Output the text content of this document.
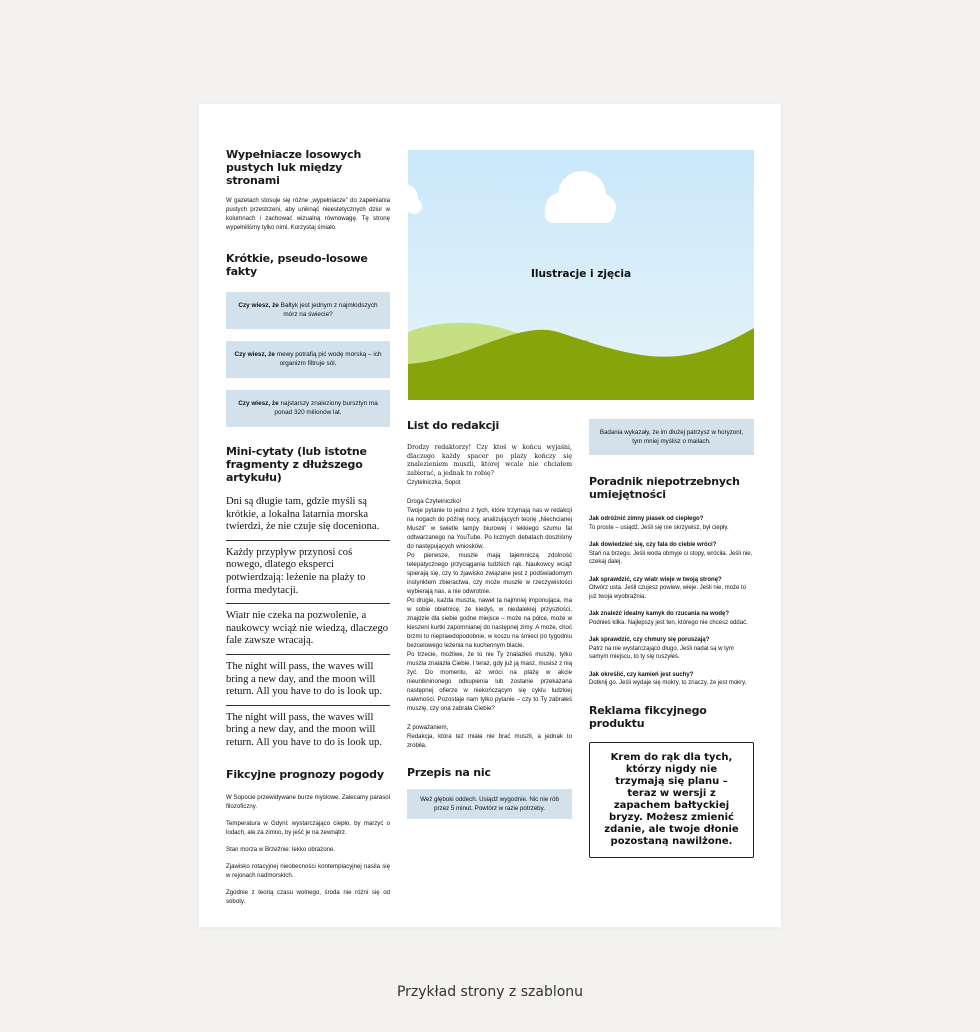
Wypełniacze losowych pustych luk między stronami

W gazetach stosuje się różne „wypełniacze” do zapełniania pustych przestrzeni, aby uniknąć nieestetycznych dziur w kolumnach i zachować wizualną równowagę. Tę stronę wypełniliśmy tylko nimi. Korzystaj śmiało.

Krótkie, pseudo-losowe fakty
Czy wiesz, że Bałtyk jest jednym z najmłodszych mórz na świecie?
Czy wiesz, że mewy potrafią pić wodę morską – ich organizm filtruje sól.
Czy wiesz, że najstarszy znaleziony bursztyn ma ponad 320 milionów lat.
Mini-cytaty (lub istotne fragmenty z dłuższego artykułu)

Dni są długie tam, gdzie myśli są krótkie, a lokalna latarnia morska twierdzi, że nie czuje się doceniona.

Każdy przypływ przynosi coś nowego, dlatego eksperci potwierdzają: leżenie na plaży to forma medytacji.

Wiatr nie czeka na pozwolenie, a naukowcy wciąż nie wiedzą, dlaczego fale zawsze wracają.

The night will pass, the waves will bring a new day, and the moon will return. All you have to do is look up.

The night will pass, the waves will bring a new day, and the moon will return. All you have to do is look up.

Fikcyjne prognozy pogody

W Sopocie przewidywane burze myślowe. Zalecamy parasol filozoficzny.

Temperatura w Gdyni: wystarczająco ciepło, by marzyć o lodach, ale za zimno, by jeść je na zewnątrz.

Stan morza w Brzeźnie: lekko obrażone.

Zjawisko rotacyjnej nieobecności kontemplacyjnej nasila się w rejonach nadmorskich.

Zgodnie z teorią czasu wolnego, środa nie różni się od soboty.

Ilustracje i zjęcia
List do redakcji

Drodzy redaktorzy! Czy ktoś w końcu wyjaśni, dlaczego każdy spacer po plaży kończy się znalezieniem muszli, której wcale nie chciałem zabierać, a jednak to robię?

Czytelniczka, Sopot

Droga Czytelniczko!

Twoje pytanie to jedno z tych, które trzymają nas w redakcji na nogach do późnej nocy, analizujących teorię „Niechcianej Muszli” w świetle lampy biurowej i lekkiego szumu fal odtwarzanego na YouTube. Po licznych debatach doszliśmy do następujących wniosków.

Po pierwsze, muszle mają tajemniczą zdolność telepatycznego przyciągania ludzkich rąk. Naukowcy wciąż spierają się, czy to zjawisko związane jest z podświadomym instynktem zbieractwa, czy może muszle w rzeczywistości wybierają nas, a nie odwrotnie.

Po drugie, każda muszla, nawet ta najmniej imponująca, ma w sobie obietnicę, że kiedyś, w niedalekiej przyszłości, znajdzie dla siebie godne miejsce – może na półce, może w kieszeni kurtki zapomnianej do następnej zimy. A może, choć brzmi to nieprawdopodobnie, w koszu na śmieci po tygodniu bezcelowego leżenia na kuchennym blacie.

Po trzecie, możliwe, że to nie Ty znalazłeś muszlę, tylko muszla znalazła Ciebie. I teraz, gdy już ją masz, musisz z nią żyć. Do momentu, aż wróci na plażę w akcie nieunikninonego odkupienia lub zostanie przekazana następnej ofierze w niekończącym się cyklu ludzkiej naiwności. Pozostaje nam tylko pytanie – czy to Ty zabrałeś muszlę, czy ona zabrała Ciebie?

Z poważaniem,

Redakcja, która też miała nie brać muszli, a jednak to zrobiła.

Przepis na nic
Weź głęboki oddech. Usiądź wygodnie. Nic nie rób przez 5 minut. Powtórz w razie potrzeby.
Badania wykazały, że im dłużej patrzysz w horyzont, tym mniej myślisz o mailach.
Poradnik niepotrzebnych umiejętności

Jak odróżnić zimny piasek od ciepłego?

To proste – usiądź. Jeśli się nie skrzywisz, był ciepły.

Jak dowiedzieć się, czy fala do ciebie wróci?

Stań na brzegu. Jeśli woda obmyje ci stopy, wróciła. Jeśli nie, czekaj dalej.

Jak sprawdzić, czy wiatr wieje w twoją stronę?

Otwórz usta. Jeśli czujesz powiew, wieje. Jeśli nie, może to już twoja wyobraźnia.

Jak znaleźć idealny kamyk do rzucania na wodę?

Podnieś kilka. Najlepszy jest ten, którego nie chcesz oddać.

Jak sprawdzić, czy chmury się poruszają?

Patrz na nie wystarczająco długo. Jeśli nadal są w tym samym miejscu, to ty się ruszyłeś.

Jak określić, czy kamień jest suchy?

Dotknij go. Jeśli wydaje się mokry, to znaczy, że jest mokry.

Reklama fikcyjnego produktu
Krem do rąk dla tych, którzy nigdy nie trzymają się planu – teraz w wersji z zapachem bałtyckiej bryzy. Możesz zmienić zdanie, ale twoje dłonie pozostaną nawilżone.
Przykład strony z szablonu
